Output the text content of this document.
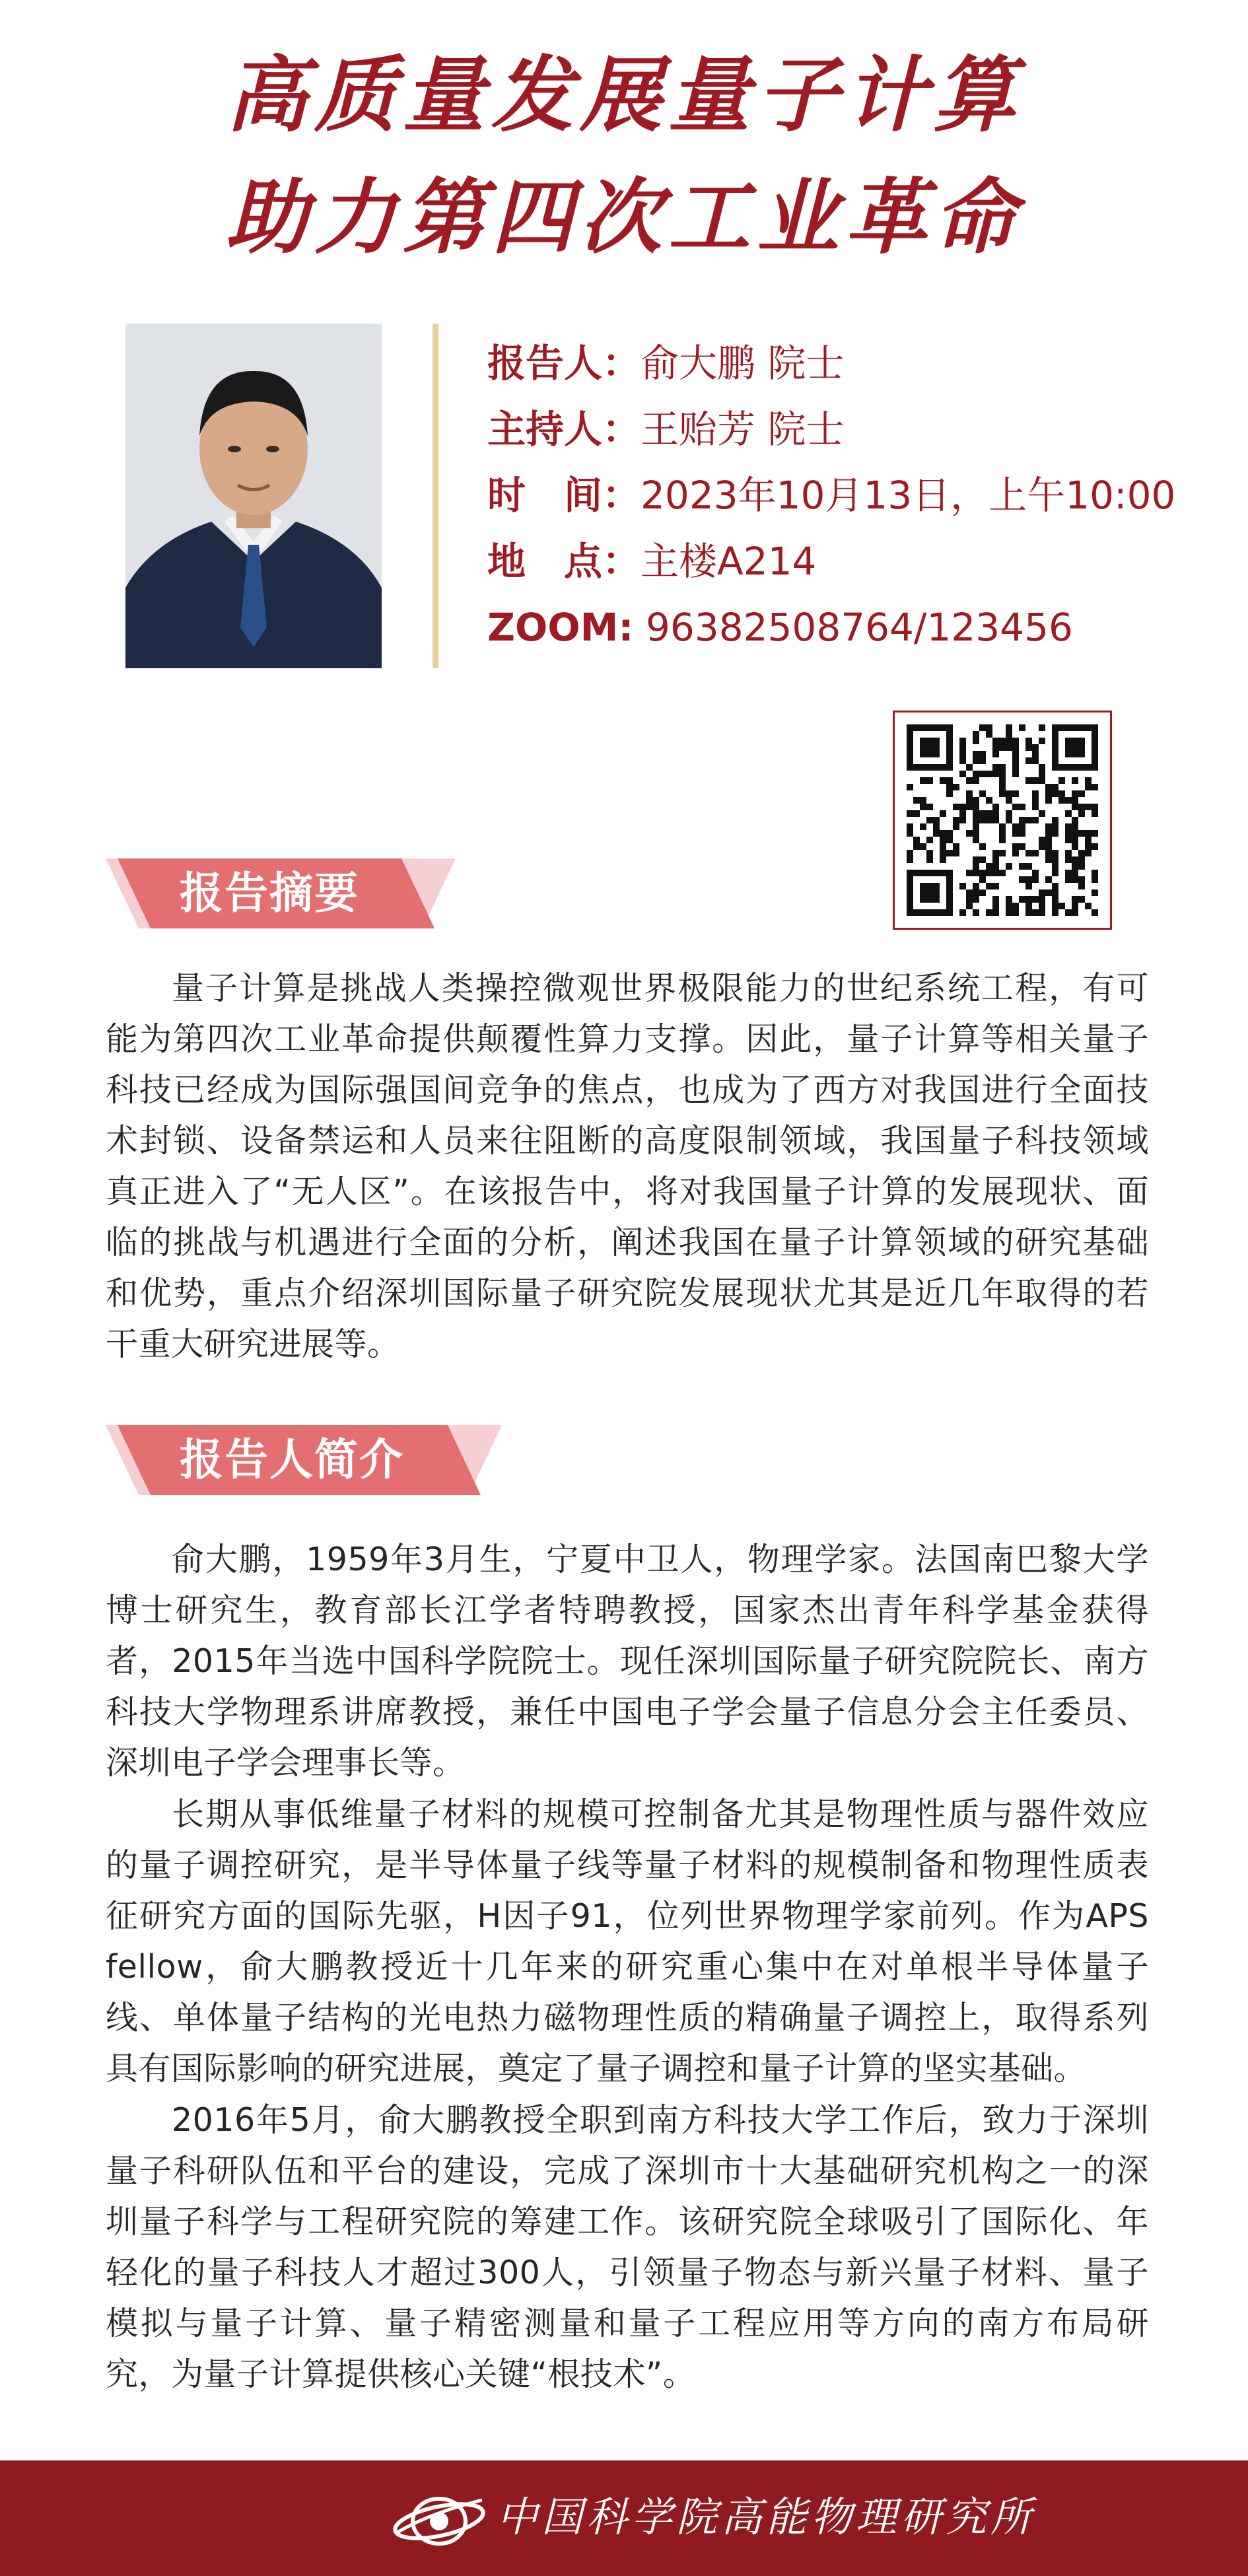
高质量发展量子计算
助力第四次工业革命
报告人：俞大鹏 院士
主持人：王贻芳 院士
时　间：2023年10月13日，上午10:00
地　点：主楼A214
ZOOM: 96382508764/123456
报告摘要

量子计算是挑战人类操控微观世界极限能力的世纪系统工程，有可能为第四次工业革命提供颠覆性算力支撑。因此，量子计算等相关量子科技已经成为国际强国间竞争的焦点，也成为了西方对我国进行全面技术封锁、设备禁运和人员来往阻断的高度限制领域，我国量子科技领域真正进入了“无人区”。在该报告中，将对我国量子计算的发展现状、面临的挑战与机遇进行全面的分析，阐述我国在量子计算领域的研究基础和优势，重点介绍深圳国际量子研究院发展现状尤其是近几年取得的若干重大研究进展等。

报告人简介

俞大鹏，1959年3月生，宁夏中卫人，物理学家。法国南巴黎大学博士研究生，教育部长江学者特聘教授，国家杰出青年科学基金获得者，2015年当选中国科学院院士。现任深圳国际量子研究院院长、南方科技大学物理系讲席教授，兼任中国电子学会量子信息分会主任委员、深圳电子学会理事长等。

长期从事低维量子材料的规模可控制备尤其是物理性质与器件效应的量子调控研究，是半导体量子线等量子材料的规模制备和物理性质表征研究方面的国际先驱，H因子91，位列世界物理学家前列。作为APS fellow，俞大鹏教授近十几年来的研究重心集中在对单根半导体量子线、单体量子结构的光电热力磁物理性质的精确量子调控上，取得系列具有国际影响的研究进展，奠定了量子调控和量子计算的坚实基础。

2016年5月，俞大鹏教授全职到南方科技大学工作后，致力于深圳量子科研队伍和平台的建设，完成了深圳市十大基础研究机构之一的深圳量子科学与工程研究院的筹建工作。该研究院全球吸引了国际化、年轻化的量子科技人才超过300人，引领量子物态与新兴量子材料、量子模拟与量子计算、量子精密测量和量子工程应用等方向的南方布局研究，为量子计算提供核心关键“根技术”。

中国科学院高能物理研究所
